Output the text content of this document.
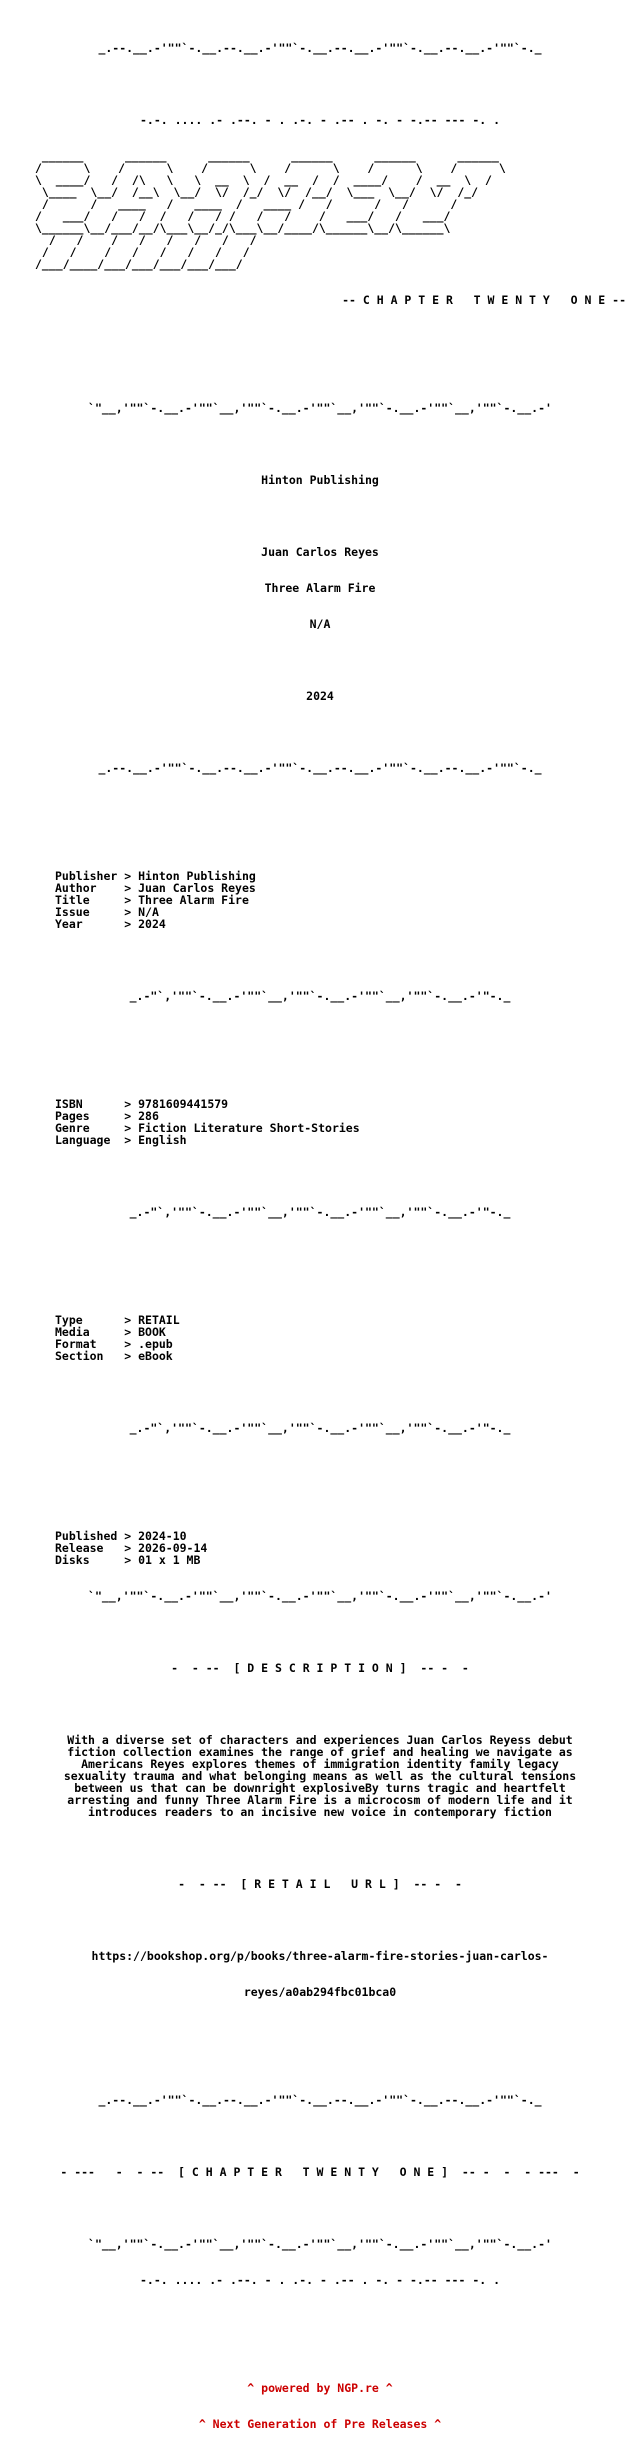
_.--.__.-'""`-.__.--.__.-'""`-.__.--.__.-'""`-.__.--.__.-'""`-._

-.-. .... .- .--. - . .-. - .-- . -. - -.-- --- -. .

______      ______      ______      ______      ______      ______
/      \    /      \    /      \    /      \    /      \    /      \
\  ____/   /  /\   \   \  __  \  /  __  /  /  ____/    /  __  \  /
\____  \__/  /__\  \__/  \/  /_/  \/  /__/  \___  \__/  \/  /_/
/      /   ____   /   ____  /   ____ /   /      /   /      /
/   ___/   /   /  /   /   / /   /   /    /   ___/   /   ___/
\______\__/___/__/\___\__/_/\___\__/____/\______\__/\______\
/   /    /   /   /   /   /   /
/   /    /   /   /   /   /   /
/___/____/___/___/___/___/___/

-- C H A P T E R   T W E N T Y   O N E --

`"__,'""`-.__.-'""`__,'""`-.__.-'""`__,'""`-.__.-'""`__,'""`-.__.-'

Hinton Publishing

Juan Carlos Reyes

Three Alarm Fire

N/A

2024

_.--.__.-'""`-.__.--.__.-'""`-.__.--.__.-'""`-.__.--.__.-'""`-._

Publisher > Hinton Publishing
Author    > Juan Carlos Reyes
Title     > Three Alarm Fire
Issue     > N/A
Year      > 2024

_.-"`,'""`-.__.-'""`__,'""`-.__.-'""`__,'""`-.__.-'"-._

ISBN      > 9781609441579
Pages     > 286
Genre     > Fiction Literature Short-Stories
Language  > English

_.-"`,'""`-.__.-'""`__,'""`-.__.-'""`__,'""`-.__.-'"-._

Type      > RETAIL
Media     > BOOK
Format    > .epub
Section   > eBook

_.-"`,'""`-.__.-'""`__,'""`-.__.-'""`__,'""`-.__.-'"-._

Published > 2024-10
Release   > 2026-09-14
Disks     > 01 x 1 MB

`"__,'""`-.__.-'""`__,'""`-.__.-'""`__,'""`-.__.-'""`__,'""`-.__.-'

-  - --  [ D E S C R I P T I O N ]  -- -  -

With a diverse set of characters and experiences Juan Carlos Reyess debut
fiction collection examines the range of grief and healing we navigate as
Americans Reyes explores themes of immigration identity family legacy
sexuality trauma and what belonging means as well as the cultural tensions
between us that can be downright explosiveBy turns tragic and heartfelt
arresting and funny Three Alarm Fire is a microcosm of modern life and it
introduces readers to an incisive new voice in contemporary fiction

-  - --  [ R E T A I L   U R L ]  -- -  -

https://bookshop.org/p/books/three-alarm-fire-stories-juan-carlos-

reyes/a0ab294fbc01bca0

_.--.__.-'""`-.__.--.__.-'""`-.__.--.__.-'""`-.__.--.__.-'""`-._

- ---   -  - --  [ C H A P T E R   T W E N T Y   O N E ]  -- -  -  - ---  -

`"__,'""`-.__.-'""`__,'""`-.__.-'""`__,'""`-.__.-'""`__,'""`-.__.-'

-.-. .... .- .--. - . .-. - .-- . -. - -.-- --- -. .

^ powered by NGP.re ^

^ Next Generation of Pre Releases ^
